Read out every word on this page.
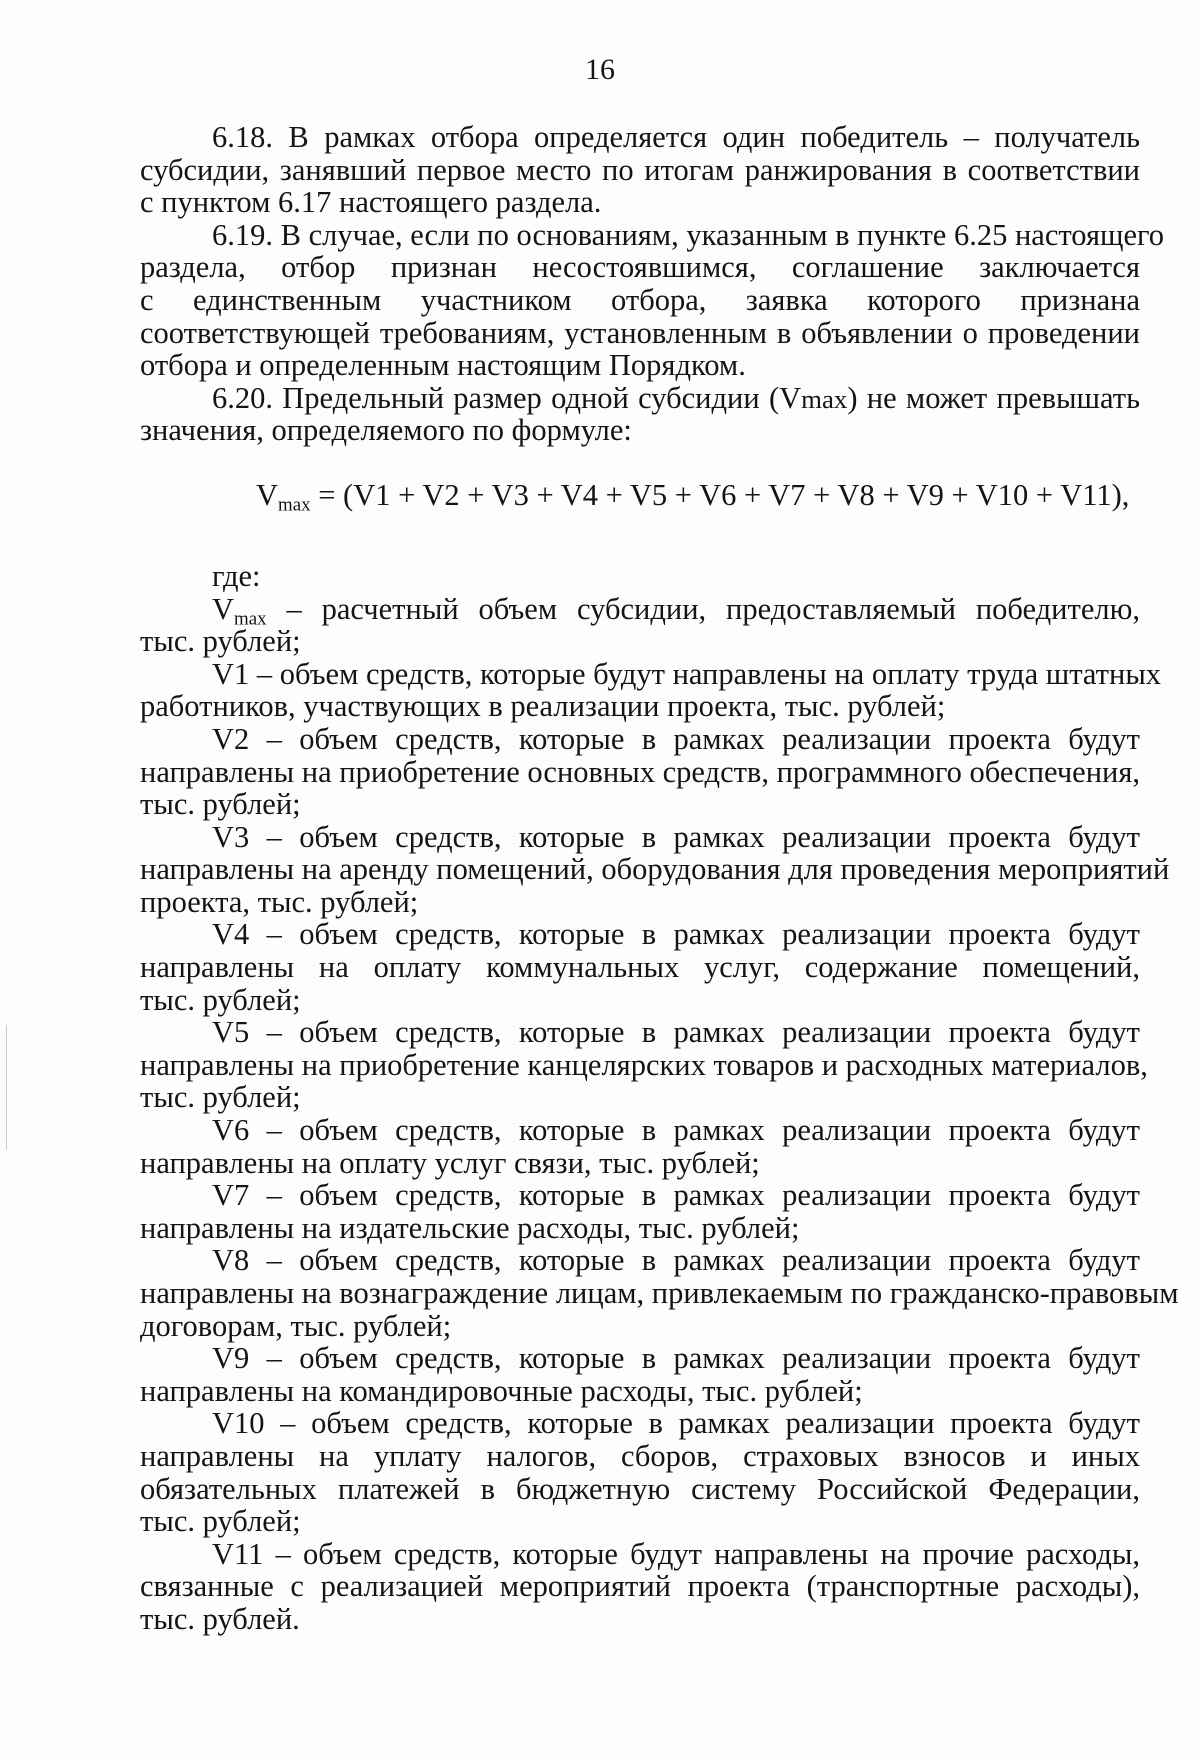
16
6.18. В рамках отбора определяется один победитель – получатель
субсидии, занявший первое место по итогам ранжирования в соответствии
с пунктом 6.17 настоящего раздела.
6.19. В случае, если по основаниям, указанным в пункте 6.25 настоящего
раздела, отбор признан несостоявшимся, соглашение заключается
с единственным участником отбора, заявка которого признана
соответствующей требованиям, установленным в объявлении о проведении
отбора и определенным настоящим Порядком.
6.20. Предельный размер одной субсидии (Vmax) не может превышать
значения, определяемого по формуле:
$V_{max} = (V1 + V2 + V3 + V4 + V5 + V6 + V7 + V8 + V9 + V10 + V11)$,
где:
$V_{max}$ – расчетный объем субсидии, предоставляемый победителю,
тыс. рублей;
V1 – объем средств, которые будут направлены на оплату труда штатных
работников, участвующих в реализации проекта, тыс. рублей;
V2 – объем средств, которые в рамках реализации проекта будут
направлены на приобретение основных средств, программного обеспечения,
тыс. рублей;
V3 – объем средств, которые в рамках реализации проекта будут
направлены на аренду помещений, оборудования для проведения мероприятий
проекта, тыс. рублей;
V4 – объем средств, которые в рамках реализации проекта будут
направлены на оплату коммунальных услуг, содержание помещений,
тыс. рублей;
V5 – объем средств, которые в рамках реализации проекта будут
направлены на приобретение канцелярских товаров и расходных материалов,
тыс. рублей;
V6 – объем средств, которые в рамках реализации проекта будут
направлены на оплату услуг связи, тыс. рублей;
V7 – объем средств, которые в рамках реализации проекта будут
направлены на издательские расходы, тыс. рублей;
V8 – объем средств, которые в рамках реализации проекта будут
направлены на вознаграждение лицам, привлекаемым по гражданско-правовым
договорам, тыс. рублей;
V9 – объем средств, которые в рамках реализации проекта будут
направлены на командировочные расходы, тыс. рублей;
V10 – объем средств, которые в рамках реализации проекта будут
направлены на уплату налогов, сборов, страховых взносов и иных
обязательных платежей в бюджетную систему Российской Федерации,
тыс. рублей;
V11 – объем средств, которые будут направлены на прочие расходы,
связанные с реализацией мероприятий проекта (транспортные расходы),
тыс. рублей.
